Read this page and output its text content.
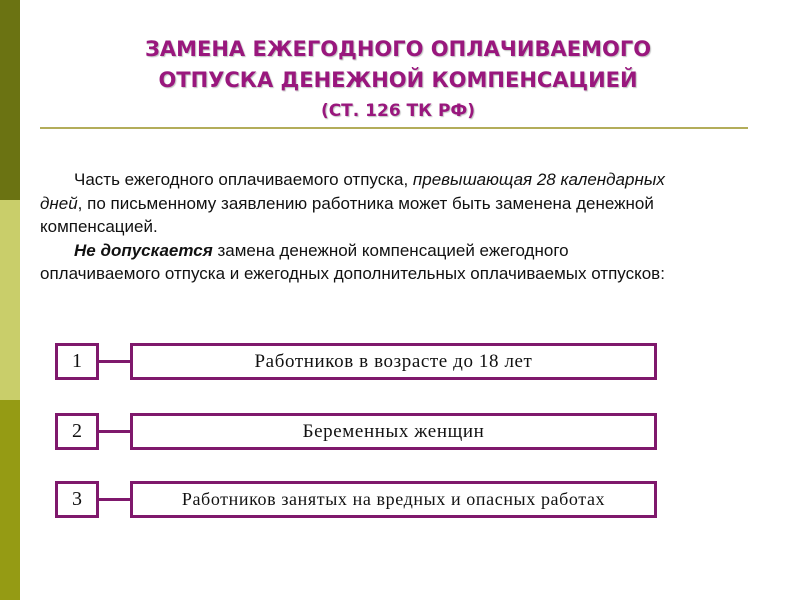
ЗАМЕНА ЕЖЕГОДНОГО ОПЛАЧИВАЕМОГО
ОТПУСКА ДЕНЕЖНОЙ КОМПЕНСАЦИЕЙ
(СТ. 126 ТК РФ)

Часть ежегодного оплачиваемого отпуска, превышающая 28 календарных дней, по письменному заявлению работника может быть заменена денежной компенсацией.

Не допускается замена денежной компенсацией ежегодного оплачиваемого отпуска и ежегодных дополнительных оплачиваемых отпусков:

1	Работников в возрасте до 18 лет
2	Беременных женщин
3	Работников занятых на вредных и опасных работах
